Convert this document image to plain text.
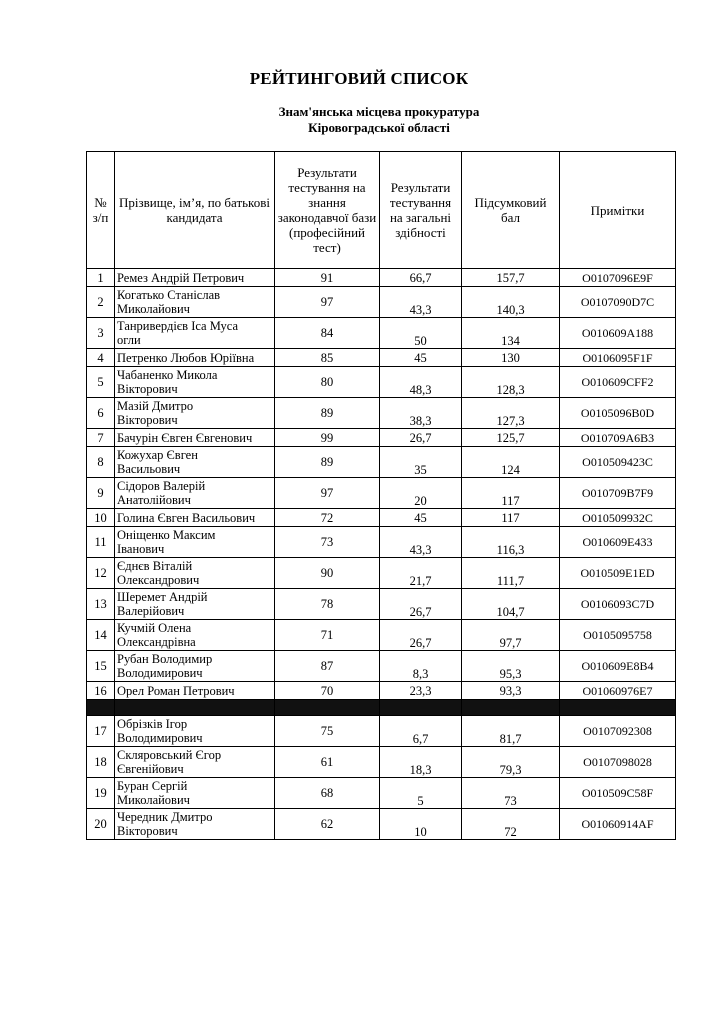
РЕЙТИНГОВИЙ СПИСОК
Знам'янська місцева прокуратура
Кіровоградської області
№ з/п	Прізвище, ім’я, по батькові кандидата	Результати тестування на знання законодавчої бази (професійний тест)	Результати тестування на загальні здібності	Підсумковий бал	Примітки
1	Ремез Андрій Петрович	91	66,7	157,7	O0107096E9F
2	Когатько Станіслав
Миколайович	97	43,3	140,3	O0107090D7C
3	Танривердієв Іса Муса
огли	84	50	134	O010609A188
4	Петренко Любов Юріївна	85	45	130	O0106095F1F
5	Чабаненко Микола
Вікторович	80	48,3	128,3	O010609CFF2
6	Мазій Дмитро
Вікторович	89	38,3	127,3	O0105096B0D
7	Бачурін Євген Євгенович	99	26,7	125,7	O010709A6B3
8	Кожухар Євген
Васильович	89	35	124	O010509423C
9	Сідоров Валерій
Анатолійович	97	20	117	O010709B7F9
10	Голина Євген Васильович	72	45	117	O010509932C
11	Оніщенко Максим
Іванович	73	43,3	116,3	O010609E433
12	Єднєв Віталій
Олександрович	90	21,7	111,7	O010509E1ED
13	Шеремет Андрій
Валерійович	78	26,7	104,7	O0106093C7D
14	Кучмій Олена
Олександрівна	71	26,7	97,7	O0105095758
15	Рубан Володимир
Володимирович	87	8,3	95,3	O010609E8B4
16	Орел Роман Петрович	70	23,3	93,3	O01060976E7

17	Обрізків Ігор
Володимирович	75	6,7	81,7	O0107092308
18	Скляровський Єгор
Євгенійович	61	18,3	79,3	O0107098028
19	Буран Сергій
Миколайович	68	5	73	O010509C58F
20	Чередник Дмитро
Вікторович	62	10	72	O01060914AF
